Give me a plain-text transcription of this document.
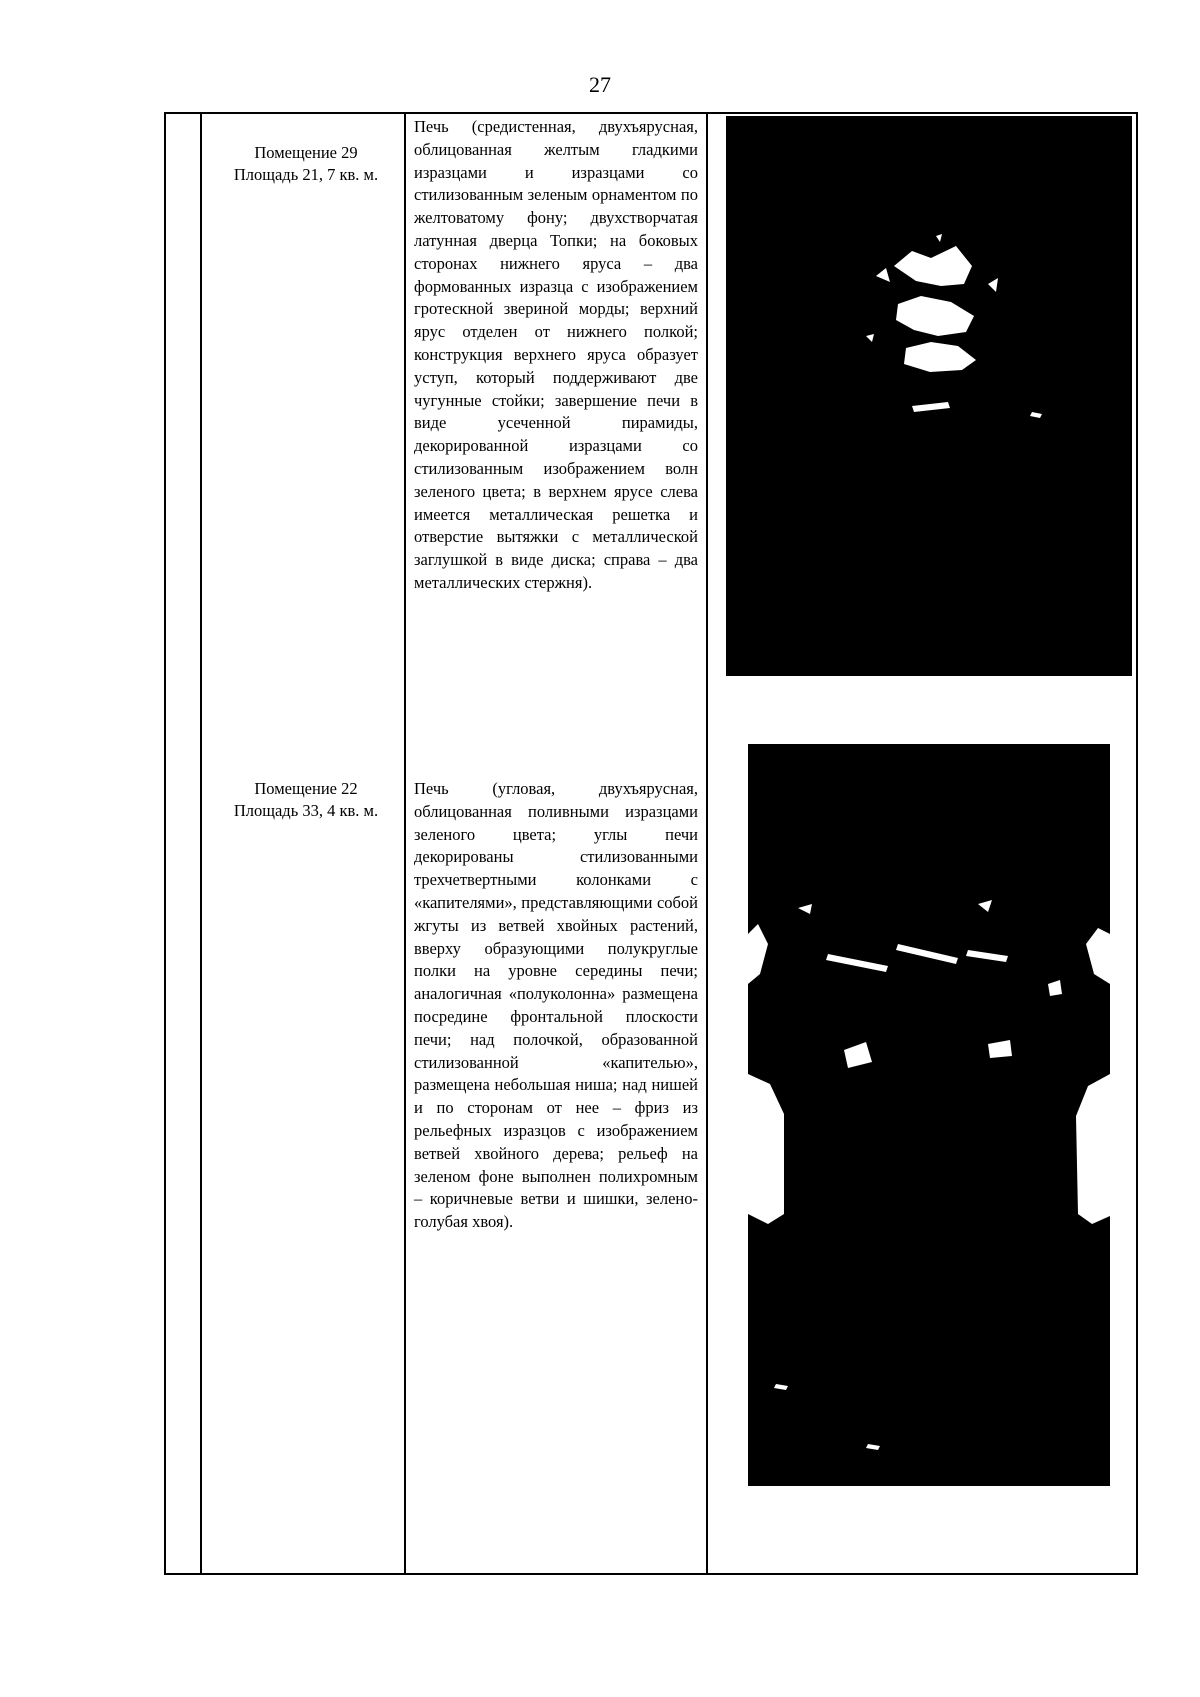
27
Помещение 29
Площадь 21, 7 кв. м.
Печь (средистенная, двухъярусная, облицованная желтым гладкими изразцами и изразцами со стилизованным зеленым орнаментом по желтоватому фону; двухстворчатая латунная дверца Топки; на боковых сторонах нижнего яруса – два формованных изразца с изображением гротескной звериной морды; верхний ярус отделен от нижнего полкой; конструкция верхнего яруса образует уступ, который поддерживают две чугунные стойки; завершение печи в виде усеченной пирамиды, декорированной изразцами со стилизованным изображением волн зеленого цвета; в верхнем ярусе слева имеется металлическая решетка и отверстие вытяжки с металлической заглушкой в виде диска; справа – два металлических стержня).
Помещение 22
Площадь 33, 4 кв. м.
Печь (угловая, двухъярусная, облицованная поливными изразцами зеленого цвета; углы печи декорированы стилизованными трехчетвертными колонками с «капителями», представляющими собой жгуты из ветвей хвойных растений, вверху образующими полукруглые полки на уровне середины печи; аналогичная «полуколонна» размещена посредине фронтальной плоскости печи; над полочкой, образованной стилизованной «капителью», размещена небольшая ниша; над нишей и по сторонам от нее – фриз из рельефных изразцов с изображением ветвей хвойного дерева; рельеф на зеленом фоне выполнен полихромным – коричневые ветви и шишки, зелено-голубая хвоя).
